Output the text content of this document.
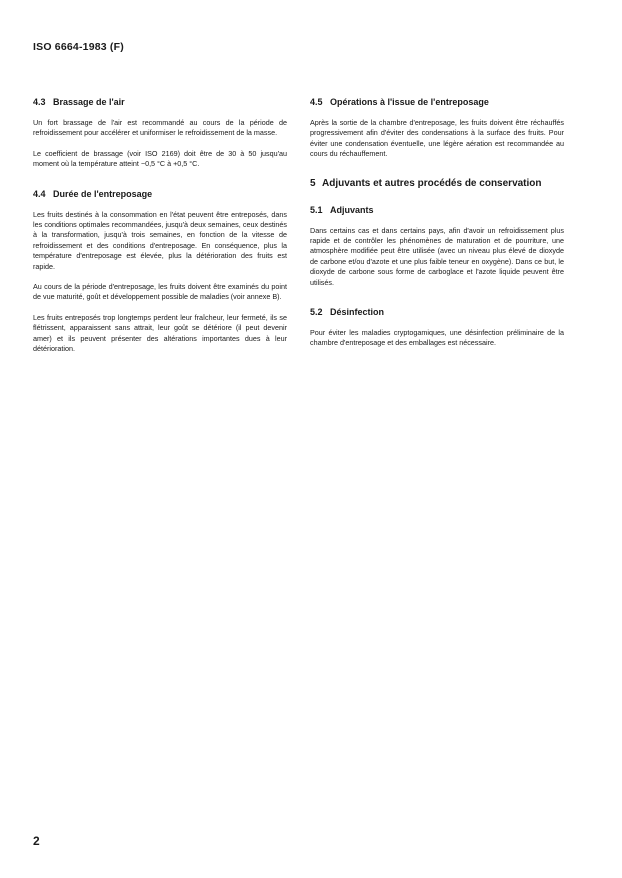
ISO 6664-1983 (F)
4.3 Brassage de l'air

Un fort brassage de l'air est recommandé au cours de la période de refroidissement pour accélérer et uniformiser le refroidissement de la masse.

Le coefficient de brassage (voir ISO 2169) doit être de 30 à 50 jusqu'au moment où la température atteint −0,5 °C à +0,5 °C.

4.4 Durée de l'entreposage

Les fruits destinés à la consommation en l'état peuvent être entreposés, dans les conditions optimales recommandées, jusqu'à deux semaines, ceux destinés à la transformation, jusqu'à trois semaines, en fonction de la vitesse de refroidissement et des conditions d'entreposage. En conséquence, plus la température d'entreposage est élevée, plus la détérioration des fruits est rapide.

Au cours de la période d'entreposage, les fruits doivent être examinés du point de vue maturité, goût et développement possible de maladies (voir annexe B).

Les fruits entreposés trop longtemps perdent leur fraîcheur, leur fermeté, ils se flétrissent, apparaissent sans attrait, leur goût se détériore (il peut devenir amer) et ils peuvent présenter des altérations importantes dues à leur détérioration.

4.5 Opérations à l'issue de l'entreposage

Après la sortie de la chambre d'entreposage, les fruits doivent être réchauffés progressivement afin d'éviter des condensations à la surface des fruits. Pour éviter une condensation éventuelle, une légère aération est recommandée au cours du réchauffement.

5 Adjuvants et autres procédés de conservation
5.1 Adjuvants

Dans certains cas et dans certains pays, afin d'avoir un refroidissement plus rapide et de contrôler les phénomènes de maturation et de pourriture, une atmosphère modifiée peut être utilisée (avec un niveau plus élevé de dioxyde de carbone et/ou d'azote et une plus faible teneur en oxygène). Dans ce but, le dioxyde de carbone sous forme de carboglace et l'azote liquide peuvent être utilisés.

5.2 Désinfection

Pour éviter les maladies cryptogamiques, une désinfection préliminaire de la chambre d'entreposage et des emballages est nécessaire.

2
